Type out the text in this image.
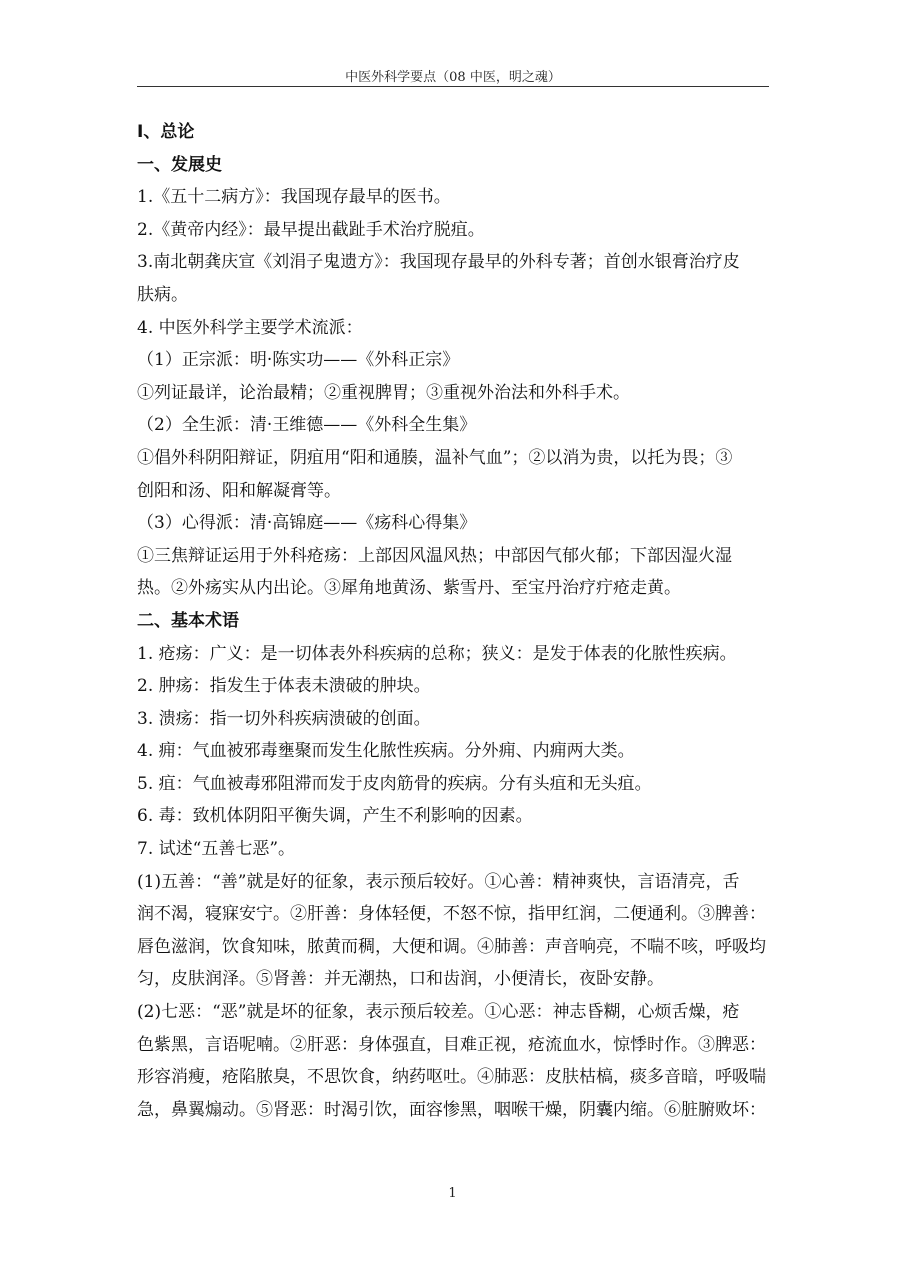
中医外科学要点（08 中医，明之魂）
I、总论
一、发展史
1.《五十二病方》：我国现存最早的医书。
2.《黄帝内经》：最早提出截趾手术治疗脱疽。
3.南北朝龚庆宣《刘涓子鬼遗方》：我国现存最早的外科专著；首创水银膏治疗皮
肤病。
4. 中医外科学主要学术流派：
（1）正宗派：明·陈实功——《外科正宗》
①列证最详，论治最精；②重视脾胃；③重视外治法和外科手术。
（2）全生派：清·王维德——《外科全生集》
①倡外科阴阳辩证，阴疽用“阳和通腠，温补气血”；②以消为贵，以托为畏；③
创阳和汤、阳和解凝膏等。
（3）心得派：清·高锦庭——《疡科心得集》
①三焦辩证运用于外科疮疡：上部因风温风热；中部因气郁火郁；下部因湿火湿
热。②外疡实从内出论。③犀角地黄汤、紫雪丹、至宝丹治疗疔疮走黄。
二、基本术语
1. 疮疡：广义：是一切体表外科疾病的总称；狭义：是发于体表的化脓性疾病。
2. 肿疡：指发生于体表未溃破的肿块。
3. 溃疡：指一切外科疾病溃破的创面。
4. 痈：气血被邪毒壅聚而发生化脓性疾病。分外痈、内痈两大类。
5. 疽：气血被毒邪阻滞而发于皮肉筋骨的疾病。分有头疽和无头疽。
6. 毒：致机体阴阳平衡失调，产生不利影响的因素。
7. 试述“五善七恶”。
(1)五善：“善”就是好的征象，表示预后较好。①心善：精神爽快，言语清亮，舌
润不渴，寝寐安宁。②肝善：身体轻便，不怒不惊，指甲红润，二便通利。③脾善：
唇色滋润，饮食知味，脓黄而稠，大便和调。④肺善：声音响亮，不喘不咳，呼吸均
匀，皮肤润泽。⑤肾善：并无潮热，口和齿润，小便清长，夜卧安静。
(2)七恶：“恶”就是坏的征象，表示预后较差。①心恶：神志昏糊，心烦舌燥，疮
色紫黑，言语呢喃。②肝恶：身体强直，目难正视，疮流血水，惊悸时作。③脾恶：
形容消瘦，疮陷脓臭，不思饮食，纳药呕吐。④肺恶：皮肤枯槁，痰多音暗，呼吸喘
急，鼻翼煽动。⑤肾恶：时渴引饮，面容惨黑，咽喉干燥，阴囊内缩。⑥脏腑败坏：
1
